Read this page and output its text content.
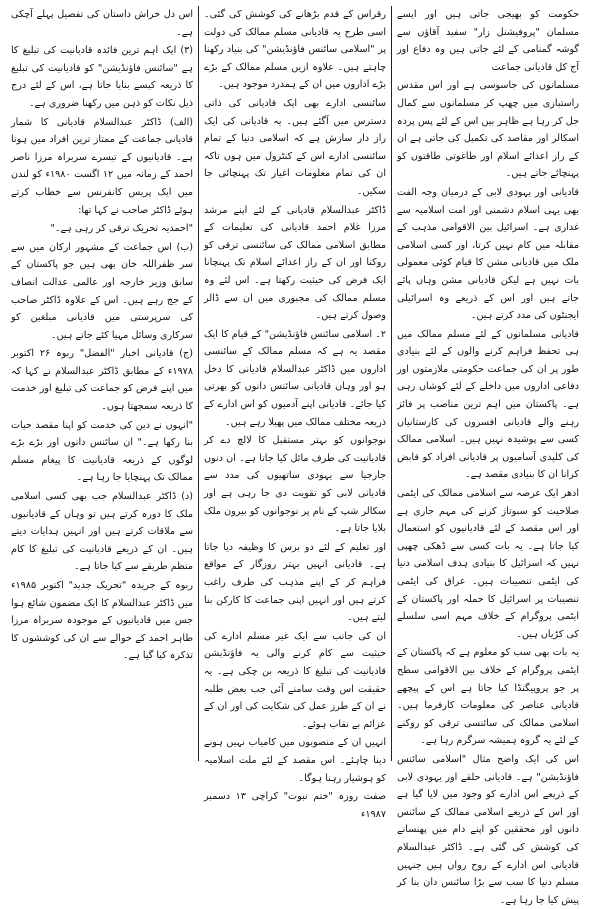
حکومت کو بھیجی جاتی ہیں اور ایسے مسلمان "پروفیشنل زار" سفید آقاؤں سے گوشہ گمنامی کے لئے جاتی ہیں وہ دفاع اور آج کل قادیانی جماعت

مسلمانوں کی جاسوسی ہے اور اس مقدس راستبازی میں چھپ کر مسلمانوں سے کمال جل کر رہا ہے ظاہر بیں اس کے لئے پس پردہ اسکالر اور مقاصد کی تکمیل کی جاتی ہے ان کے راز اعدائے اسلام اور طاغوتی طاقتوں کو پہنچائے جاتے ہیں۔

قادیانی اور یہودی لابی کے درمیان وجہ الفت بھی یہی اسلام دشمنی اور امت اسلامیہ سے غداری ہے۔ اسرائیل بین الاقوامی مذہب کے مقابلہ میں کام نہیں کرتا، اور کسی اسلامی ملک میں قادیانی مشن کا قیام کوئی معمولی بات نہیں ہے لیکن قادیانی مشن وہاں پائے جاتے ہیں اور اس کے ذریعے وہ اسرائیلی ایجنٹوں کی مدد کرتے ہیں۔

قادیانی مسلمانوں کے لئے مسلم ممالک میں ہی تحفظ فراہم کرنے والوں کے لئے بنیادی طور پر ان کی جماعت حکومتی ملازمتوں اور دفاعی اداروں میں داخلے کے لئے کوشاں رہی ہے۔ پاکستان میں اہم ترین مناصب پر فائز رہنے والے قادیانی افسروں کی کارستانیاں کسی سے پوشیدہ نہیں ہیں۔ اسلامی ممالک کی کلیدی آسامیوں پر قادیانی افراد کو قابض کرانا ان کا بنیادی مقصد ہے۔

ادھر ایک عرصہ سے اسلامی ممالک کی ایٹمی صلاحیت کو سبوتاژ کرنے کی مہم جاری ہے اور اس مقصد کے لئے قادیانیوں کو استعمال کیا جاتا ہے۔ یہ بات کسی سے ڈھکی چھپی نہیں کہ اسرائیل کا بنیادی ہدف اسلامی دنیا کی ایٹمی تنصیبات ہیں۔ عراق کی ایٹمی تنصیبات پر اسرائیل کا حملہ اور پاکستان کے ایٹمی پروگرام کے خلاف مہم اسی سلسلے کی کڑیاں ہیں۔

یہ بات بھی سب کو معلوم ہے کہ پاکستان کے ایٹمی پروگرام کے خلاف بین الاقوامی سطح پر جو پروپیگنڈا کیا جاتا ہے اس کے پیچھے قادیانی عناصر کی معلومات کارفرما ہیں۔ اسلامی ممالک کی سائنسی ترقی کو روکنے کے لئے یہ گروہ ہمیشہ سرگرم رہا ہے۔

اس کی ایک واضح مثال "اسلامی سائنس فاؤنڈیشن" ہے۔ قادیانی حلقے اور یہودی لابی کے ذریعے اس ادارے کو وجود میں لایا گیا ہے اور اس کے ذریعے اسلامی ممالک کے سائنس دانوں اور محققین کو اپنے دام میں پھنسانے کی کوشش کی گئی ہے۔ ڈاکٹر عبدالسلام قادیانی اس ادارے کے روح رواں ہیں جنہیں مسلم دنیا کا سب سے بڑا سائنس دان بنا کر پیش کیا جا رہا ہے۔

رقراس کے قدم بڑھانے کی کوشش کی گئی۔ اسی طرح یہ قادیانی مسلم ممالک کی دولت پر "اسلامی سائنس فاؤنڈیشن" کی بنیاد رکھنا چاہتے ہیں۔ علاوہ ازیں مسلم ممالک کے بڑے بڑے اداروں میں ان کے ہمدرد موجود ہیں۔

سائنسی ادارے بھی ایک قادیانی کی ذاتی دسترس میں آگئے ہیں۔ یہ قادیانی کی ایک راز دار سازش ہے کہ اسلامی دنیا کے تمام سائنسی ادارے اس کے کنٹرول میں ہوں تاکہ ان کی تمام معلومات اغیار تک پہنچائی جا سکیں۔

ڈاکٹر عبدالسلام قادیانی کے لئے اپنے مرشد مرزا غلام احمد قادیانی کی تعلیمات کے مطابق اسلامی ممالک کی سائنسی ترقی کو روکنا اور ان کے راز اعدائے اسلام تک پہنچانا ایک فرض کی حیثیت رکھتا ہے۔ اس لئے وہ مسلم ممالک کی مجبوری میں ان سے ڈالر وصول کرتے ہیں۔

۲۔ اسلامی سائنس فاؤنڈیشن" کے قیام کا ایک مقصد یہ ہے کہ مسلم ممالک کے سائنسی اداروں میں ڈاکٹر عبدالسلام قادیانی کا دخل ہو اور وہاں قادیانی سائنس دانوں کو بھرتی کیا جائے۔ قادیانی اپنے آدمیوں کو اس ادارے کے ذریعہ مختلف ممالک میں پھیلا رہے ہیں۔

نوجوانوں کو بہتر مستقبل کا لالچ دے کر قادیانیت کی طرف مائل کیا جاتا ہے۔ ان دنوں جارجیا سے یہودی ساتھیوں کی مدد سے قادیانی لابی کو تقویت دی جا رہی ہے اور سکالر شپ کے نام پر نوجوانوں کو بیرون ملک بلایا جاتا ہے۔

اور تعلیم کے لئے دو برس کا وظیفہ دیا جاتا ہے۔ قادیانی انہیں بہتر روزگار کے مواقع فراہم کر کے اپنے مذہب کی طرف راغب کرتے ہیں اور انہیں اپنی جماعت کا کارکن بنا لیتے ہیں۔

ان کی جانب سے ایک غیر مسلم ادارے کی حیثیت سے کام کرنے والی یہ فاؤنڈیشن قادیانیت کی تبلیغ کا ذریعہ بن چکی ہے۔ یہ حقیقت اس وقت سامنے آئی جب بعض طلبہ نے ان کے طرز عمل کی شکایت کی اور ان کے عزائم بے نقاب ہوئے۔

انہیں ان کے منصوبوں میں کامیاب نہیں ہونے دینا چاہئے۔ اس مقصد کے لئے ملت اسلامیہ کو ہوشیار رہنا ہوگا۔

صفت روزہ "ختم نبوت" کراچی ۱۳ دسمبر ۱۹۸۷ء

اس دل خراش داستان کی تفصیل پہلے آچکی ہے۔

(۳) ایک اہم ترین فائدہ قادیانیت کی تبلیغ کا ہے "سائنس فاؤنڈیشن" کو قادیانیت کی تبلیغ کا ذریعہ کیسے بنایا جاتا ہے، اس کے لئے درج ذیل نکات کو ذہن میں رکھنا ضروری ہے۔

(الف) ڈاکٹر عبدالسلام قادیانی کا شمار قادیانی جماعت کے ممتاز ترین افراد میں ہوتا ہے۔ قادیانیوں کے تیسرے سربراہ مرزا ناصر احمد کے زمانہ میں ۱۲ اگست ۱۹۸۰ء کو لندن میں ایک پریس کانفرنس سے خطاب کرتے ہوئے ڈاکٹر صاحب نے کہا تھا:

"احمدیہ تحریک ترقی کر رہی ہے۔"

(ب) اس جماعت کے مشہور ارکان میں سے سر ظفراللہ خان بھی ہیں جو پاکستان کے سابق وزیر خارجہ اور عالمی عدالت انصاف کے جج رہے ہیں۔ اس کے علاوہ ڈاکٹر صاحب کی سرپرستی میں قادیانی مبلغین کو سرکاری وسائل مہیا کئے جاتے ہیں۔

(ج) قادیانی اخبار "الفضل" ربوہ ۲۶ اکتوبر ۱۹۷۸ء کے مطابق ڈاکٹر عبدالسلام نے کہا کہ میں اپنے فرض کو جماعت کی تبلیغ اور خدمت کا ذریعہ سمجھتا ہوں۔

"انہوں نے دین کی خدمت کو اپنا مقصد حیات بنا رکھا ہے۔" ان سائنس دانوں اور بڑے بڑے لوگوں کے ذریعہ قادیانیت کا پیغام مسلم ممالک تک پہنچایا جا رہا ہے۔

(د) ڈاکٹر عبدالسلام جب بھی کسی اسلامی ملک کا دورہ کرتے ہیں تو وہاں کے قادیانیوں سے ملاقات کرتے ہیں اور انہیں ہدایات دیتے ہیں۔ ان کے ذریعے قادیانیت کی تبلیغ کا کام منظم طریقے سے کیا جاتا ہے۔

ربوہ کے جریدہ "تحریک جدید" اکتوبر ۱۹۸۵ء میں ڈاکٹر عبدالسلام کا ایک مضمون شائع ہوا جس میں قادیانیوں کے موجودہ سربراہ مرزا طاہر احمد کے حوالے سے ان کی کوششوں کا تذکرہ کیا گیا ہے۔
